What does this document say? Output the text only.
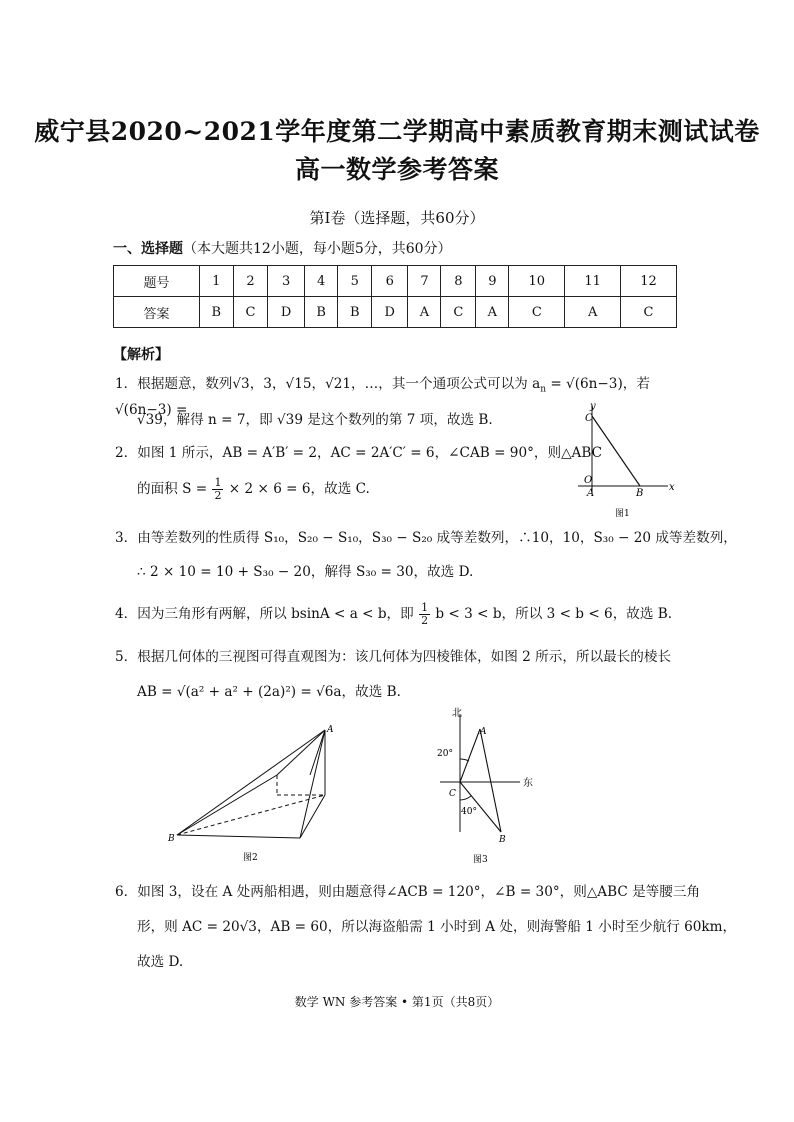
威宁县2020~2021学年度第二学期高中素质教育期末测试试卷
高一数学参考答案
第Ⅰ卷（选择题，共60分）
一、选择题（本大题共12小题，每小题5分，共60分）
题号	1	2	3	4	5	6	7	8	9	10	11	12
答案	B	C	D	B	B	D	A	C	A	C	A	C
【解析】
1．根据题意，数列√3，3，√15，√21，…，其一个通项公式可以为 $a_n = √(6n-3)$，若 √(6n−3) =
√39，解得 n = 7，即 √39 是这个数列的第 7 项，故选 B.
2．如图 1 所示，AB = A′B′ = 2，AC = 2A′C′ = 6，∠CAB = 90°，则△ABC
的面积 $S = \frac{1}{2} \times 2 \times 6 = 6$，故选 C.
y
C
O
A	B
x
图1
3．由等差数列的性质得 S₁₀，S₂₀ − S₁₀，S₃₀ − S₂₀ 成等差数列，∴10，10，S₃₀ − 20 成等差数列，
∴ 2 × 10 = 10 + S₃₀ − 20，解得 S₃₀ = 30，故选 D.
4．因为三角形有两解，所以 bsinA < a < b，即 $\frac{1}{2}$ b < 3 < b，所以 3 < b < 6，故选 B.
5．根据几何体的三视图可得直观图为：该几何体为四棱锥体，如图 2 所示，所以最长的棱长
AB = √(a² + a² + (2a)²) = √6a，故选 B.
A
B
图2
北
A
20°
东
C
40°
B
图3
6．如图 3，设在 A 处两船相遇，则由题意得∠ACB = 120°，∠B = 30°，则△ABC 是等腰三角
形，则 AC = 20√3，AB = 60，所以海盗船需 1 小时到 A 处，则海警船 1 小时至少航行 60km，
故选 D.
数学 WN 参考答案 • 第1页（共8页）
